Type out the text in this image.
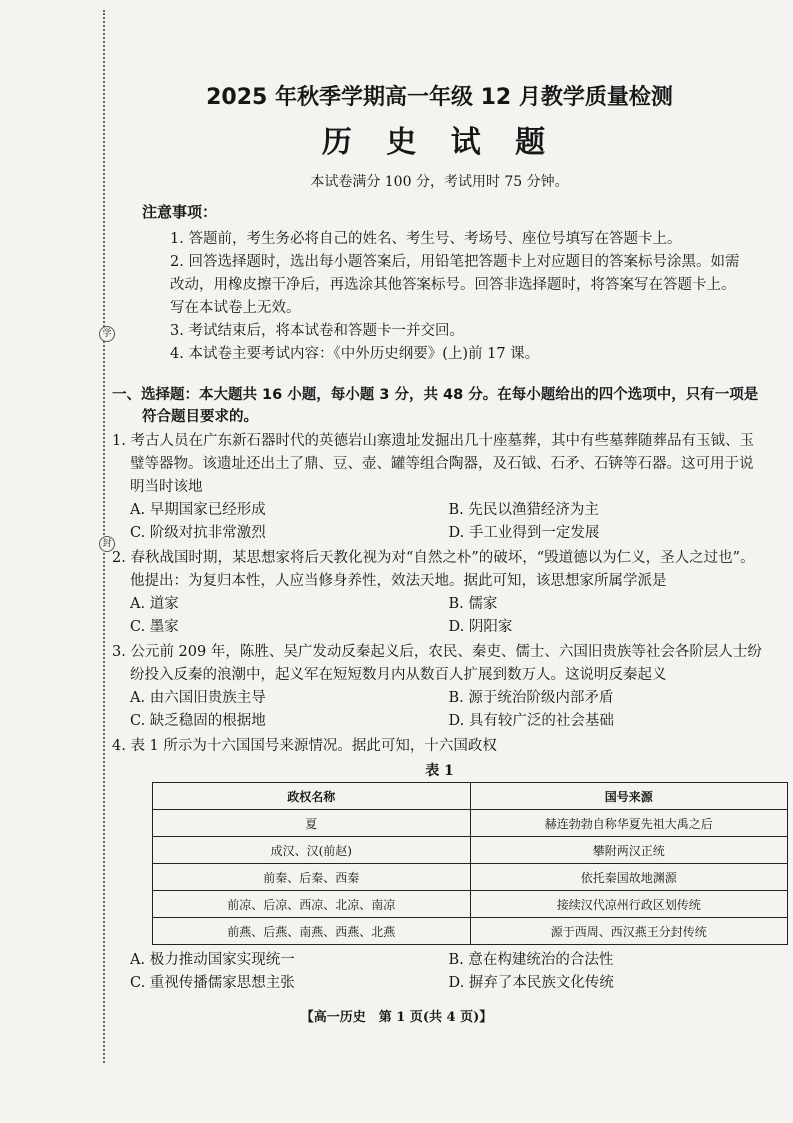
学
封
2025 年秋季学期高一年级 12 月教学质量检测
历 史 试 题
本试卷满分 100 分，考试用时 75 分钟。
注意事项：
1. 答题前，考生务必将自己的姓名、考生号、考场号、座位号填写在答题卡上。
2. 回答选择题时，选出每小题答案后，用铅笔把答题卡上对应题目的答案标号涂黑。如需改动，用橡皮擦干净后，再选涂其他答案标号。回答非选择题时，将答案写在答题卡上。写在本试卷上无效。
3. 考试结束后，将本试卷和答题卡一并交回。
4. 本试卷主要考试内容：《中外历史纲要》(上)前 17 课。
一、选择题：本大题共 16 小题，每小题 3 分，共 48 分。在每小题给出的四个选项中，只有一项是符合题目要求的。
1. 考古人员在广东新石器时代的英德岩山寨遗址发掘出几十座墓葬，其中有些墓葬随葬品有玉钺、玉璧等器物。该遗址还出土了鼎、豆、壶、罐等组合陶器，及石钺、石矛、石锛等石器。这可用于说明当时该地
A. 早期国家已经形成	B. 先民以渔猎经济为主
C. 阶级对抗非常激烈	D. 手工业得到一定发展
2. 春秋战国时期，某思想家将后天教化视为对“自然之朴”的破坏，“毁道德以为仁义，圣人之过也”。他提出：为复归本性，人应当修身养性，效法天地。据此可知，该思想家所属学派是
A. 道家	B. 儒家
C. 墨家	D. 阴阳家
3. 公元前 209 年，陈胜、吴广发动反秦起义后，农民、秦吏、儒士、六国旧贵族等社会各阶层人士纷纷投入反秦的浪潮中，起义军在短短数月内从数百人扩展到数万人。这说明反秦起义
A. 由六国旧贵族主导	B. 源于统治阶级内部矛盾
C. 缺乏稳固的根据地	D. 具有较广泛的社会基础
4. 表 1 所示为十六国国号来源情况。据此可知，十六国政权
表 1
政权名称	国号来源
夏	赫连勃勃自称华夏先祖大禹之后
成汉、汉(前赵)	攀附两汉正统
前秦、后秦、西秦	依托秦国故地渊源
前凉、后凉、西凉、北凉、南凉	接续汉代凉州行政区划传统
前燕、后燕、南燕、西燕、北燕	源于西周、西汉燕王分封传统
A. 极力推动国家实现统一	B. 意在构建统治的合法性
C. 重视传播儒家思想主张	D. 摒弃了本民族文化传统
【高一历史　第 1 页(共 4 页)】
